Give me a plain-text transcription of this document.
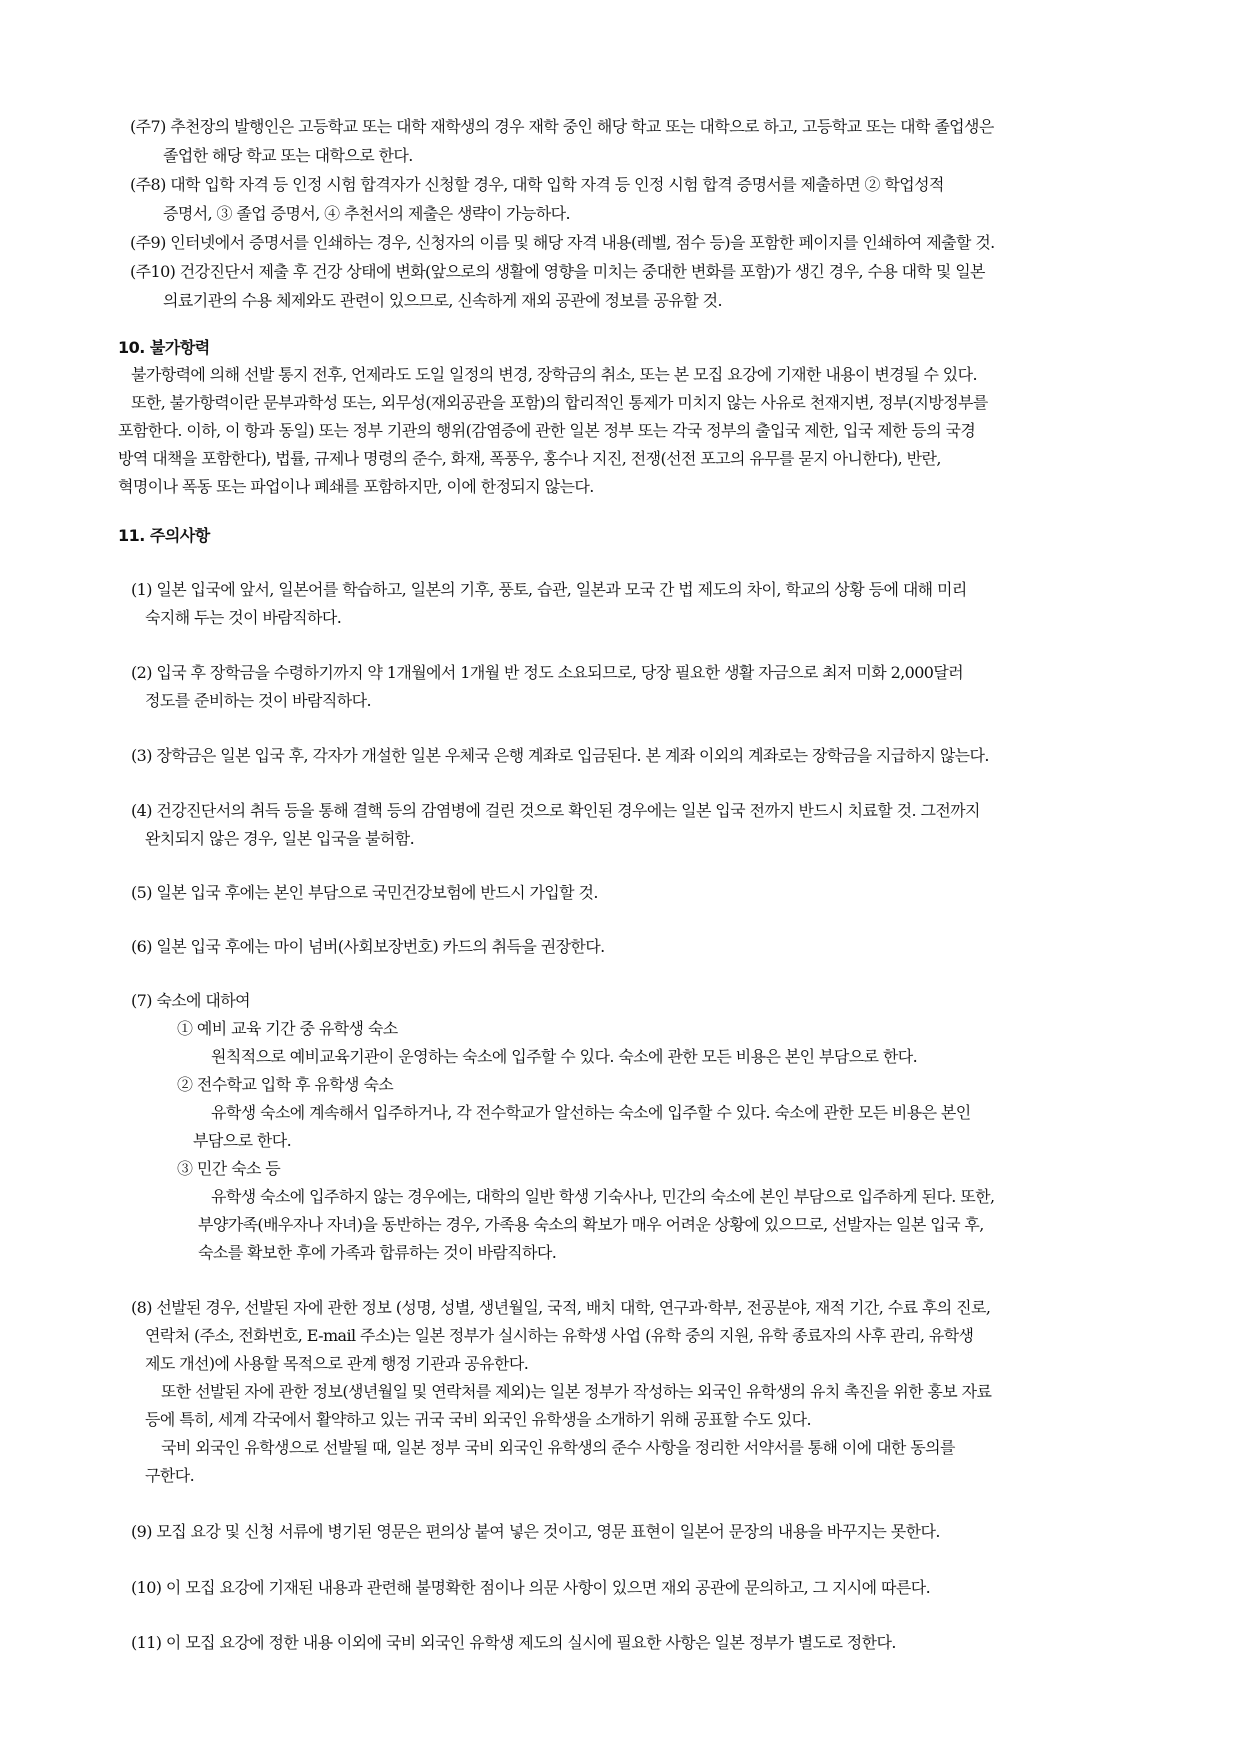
(주7) 추천장의 발행인은 고등학교 또는 대학 재학생의 경우 재학 중인 해당 학교 또는 대학으로 하고, 고등학교 또는 대학 졸업생은
졸업한 해당 학교 또는 대학으로 한다.
(주8) 대학 입학 자격 등 인정 시험 합격자가 신청할 경우, 대학 입학 자격 등 인정 시험 합격 증명서를 제출하면 ② 학업성적
증명서, ③ 졸업 증명서, ④ 추천서의 제출은 생략이 가능하다.
(주9) 인터넷에서 증명서를 인쇄하는 경우, 신청자의 이름 및 해당 자격 내용(레벨, 점수 등)을 포함한 페이지를 인쇄하여 제출할 것.
(주10) 건강진단서 제출 후 건강 상태에 변화(앞으로의 생활에 영향을 미치는 중대한 변화를 포함)가 생긴 경우, 수용 대학 및 일본
의료기관의 수용 체제와도 관련이 있으므로, 신속하게 재외 공관에 정보를 공유할 것.
10. 불가항력
불가항력에 의해 선발 통지 전후, 언제라도 도일 일정의 변경, 장학금의 취소, 또는 본 모집 요강에 기재한 내용이 변경될 수 있다.
또한, 불가항력이란 문부과학성 또는, 외무성(재외공관을 포함)의 합리적인 통제가 미치지 않는 사유로 천재지변, 정부(지방정부를
포함한다. 이하, 이 항과 동일) 또는 정부 기관의 행위(감염증에 관한 일본 정부 또는 각국 정부의 출입국 제한, 입국 제한 등의 국경
방역 대책을 포함한다), 법률, 규제나 명령의 준수, 화재, 폭풍우, 홍수나 지진, 전쟁(선전 포고의 유무를 묻지 아니한다), 반란,
혁명이나 폭동 또는 파업이나 폐쇄를 포함하지만, 이에 한정되지 않는다.
11. 주의사항
(1) 일본 입국에 앞서, 일본어를 학습하고, 일본의 기후, 풍토, 습관, 일본과 모국 간 법 제도의 차이, 학교의 상황 등에 대해 미리
숙지해 두는 것이 바람직하다.
(2) 입국 후 장학금을 수령하기까지 약 1개월에서 1개월 반 정도 소요되므로, 당장 필요한 생활 자금으로 최저 미화 2,000달러
정도를 준비하는 것이 바람직하다.
(3) 장학금은 일본 입국 후, 각자가 개설한 일본 우체국 은행 계좌로 입금된다. 본 계좌 이외의 계좌로는 장학금을 지급하지 않는다.
(4) 건강진단서의 취득 등을 통해 결핵 등의 감염병에 걸린 것으로 확인된 경우에는 일본 입국 전까지 반드시 치료할 것. 그전까지
완치되지 않은 경우, 일본 입국을 불허함.
(5) 일본 입국 후에는 본인 부담으로 국민건강보험에 반드시 가입할 것.
(6) 일본 입국 후에는 마이 넘버(사회보장번호) 카드의 취득을 권장한다.
(7) 숙소에 대하여
① 예비 교육 기간 중 유학생 숙소
원칙적으로 예비교육기관이 운영하는 숙소에 입주할 수 있다. 숙소에 관한 모든 비용은 본인 부담으로 한다.
② 전수학교 입학 후 유학생 숙소
유학생 숙소에 계속해서 입주하거나, 각 전수학교가 알선하는 숙소에 입주할 수 있다. 숙소에 관한 모든 비용은 본인
부담으로 한다.
③ 민간 숙소 등
유학생 숙소에 입주하지 않는 경우에는, 대학의 일반 학생 기숙사나, 민간의 숙소에 본인 부담으로 입주하게 된다. 또한,
부양가족(배우자나 자녀)을 동반하는 경우, 가족용 숙소의 확보가 매우 어려운 상황에 있으므로, 선발자는 일본 입국 후,
숙소를 확보한 후에 가족과 합류하는 것이 바람직하다.
(8) 선발된 경우, 선발된 자에 관한 정보 (성명, 성별, 생년월일, 국적, 배치 대학, 연구과·학부, 전공분야, 재적 기간, 수료 후의 진로,
연락처 (주소, 전화번호, E-mail 주소)는 일본 정부가 실시하는 유학생 사업 (유학 중의 지원, 유학 종료자의 사후 관리, 유학생
제도 개선)에 사용할 목적으로 관계 행정 기관과 공유한다.
또한 선발된 자에 관한 정보(생년월일 및 연락처를 제외)는 일본 정부가 작성하는 외국인 유학생의 유치 촉진을 위한 홍보 자료
등에 특히, 세계 각국에서 활약하고 있는 귀국 국비 외국인 유학생을 소개하기 위해 공표할 수도 있다.
국비 외국인 유학생으로 선발될 때, 일본 정부 국비 외국인 유학생의 준수 사항을 정리한 서약서를 통해 이에 대한 동의를
구한다.
(9) 모집 요강 및 신청 서류에 병기된 영문은 편의상 붙여 넣은 것이고, 영문 표현이 일본어 문장의 내용을 바꾸지는 못한다.
(10) 이 모집 요강에 기재된 내용과 관련해 불명확한 점이나 의문 사항이 있으면 재외 공관에 문의하고, 그 지시에 따른다.
(11) 이 모집 요강에 정한 내용 이외에 국비 외국인 유학생 제도의 실시에 필요한 사항은 일본 정부가 별도로 정한다.
